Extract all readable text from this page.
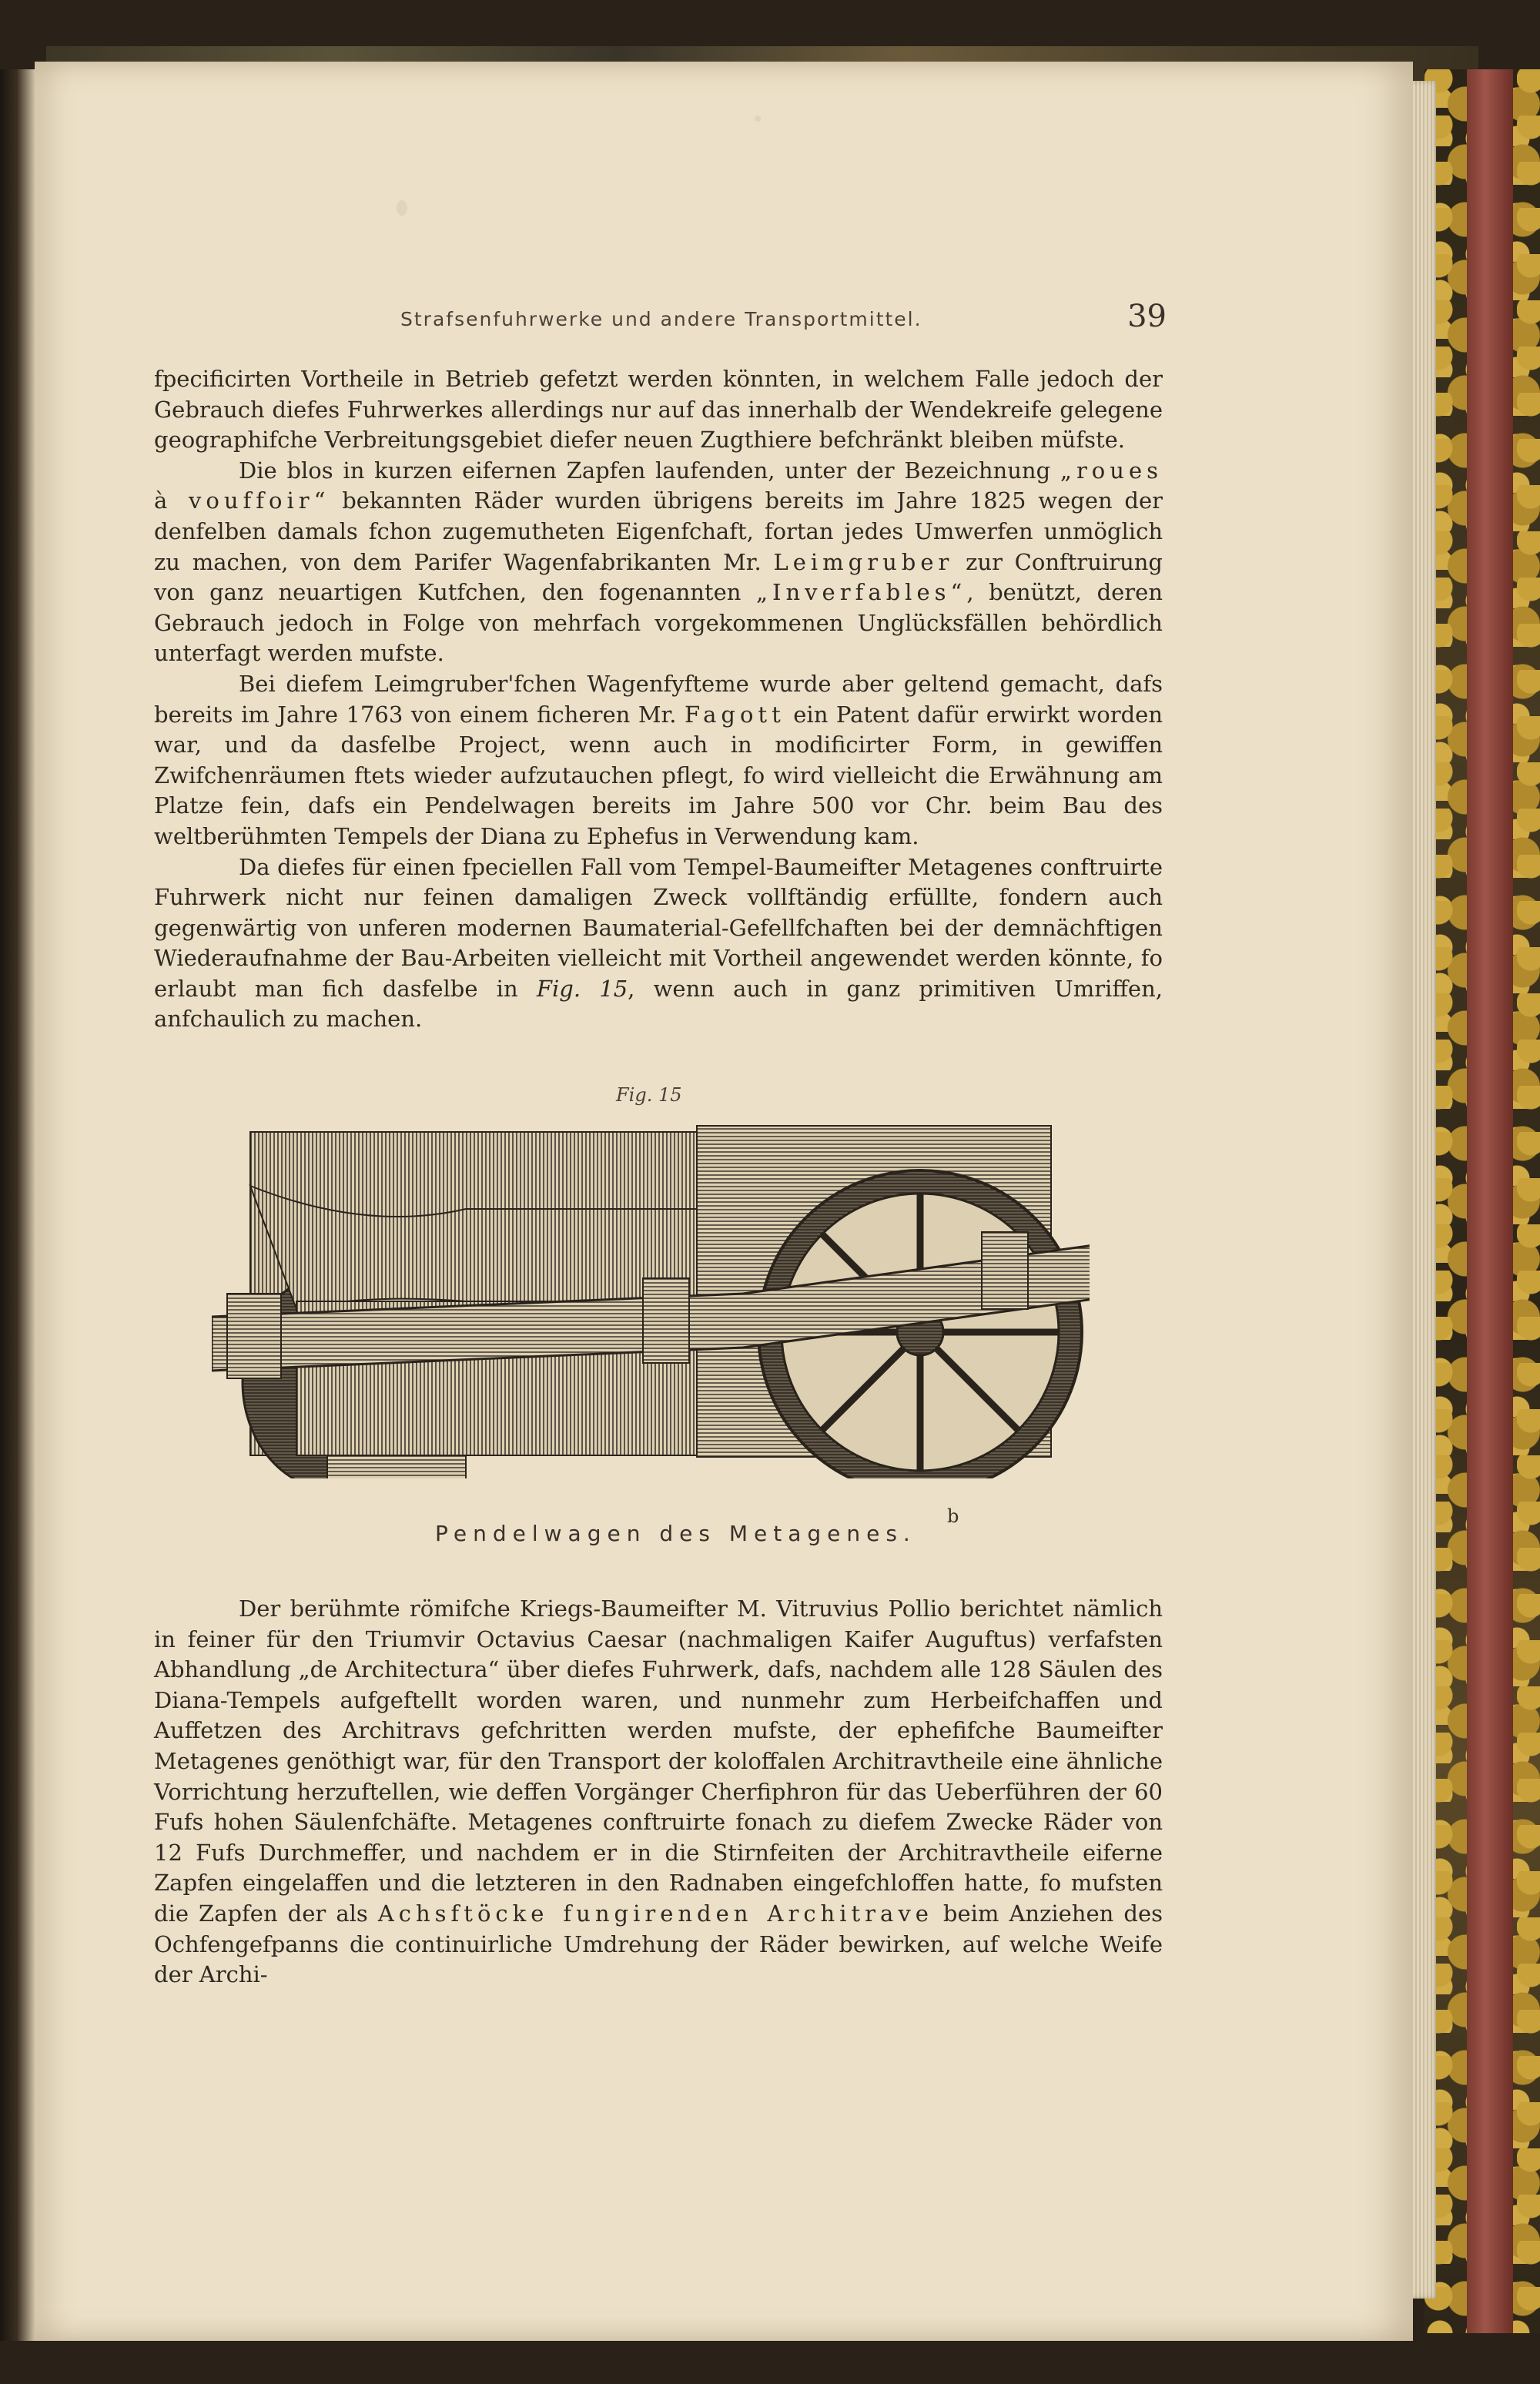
Strafsenfuhrwerke und andere Transportmittel.	39

fpecificirten Vortheile in Betrieb gefetzt werden könnten, in welchem Falle jedoch der Gebrauch diefes Fuhrwerkes allerdings nur auf das innerhalb der Wendekreife gelegene geographifche Verbreitungsgebiet diefer neuen Zugthiere befchränkt bleiben müfste.

Die blos in kurzen eifernen Zapfen laufenden, unter der Bezeichnung „roues à vouffoir“ bekannten Räder wurden übrigens bereits im Jahre 1825 wegen der denfelben damals fchon zugemutheten Eigenfchaft, fortan jedes Umwerfen unmöglich zu machen, von dem Parifer Wagenfabrikanten Mr. Leimgruber zur Conftruirung von ganz neuartigen Kutfchen, den fogenannten „Inverfables“, benützt, deren Gebrauch jedoch in Folge von mehrfach vorgekommenen Unglücksfällen behördlich unterfagt werden mufste.

Bei diefem Leimgruber'fchen Wagenfyfteme wurde aber geltend gemacht, dafs bereits im Jahre 1763 von einem ficheren Mr. Fagott ein Patent dafür erwirkt worden war, und da dasfelbe Project, wenn auch in modificirter Form, in gewiffen Zwifchenräumen ftets wieder aufzutauchen pflegt, fo wird vielleicht die Erwähnung am Platze fein, dafs ein Pendelwagen bereits im Jahre 500 vor Chr. beim Bau des weltberühmten Tempels der Diana zu Ephefus in Verwendung kam.

Da diefes für einen fpeciellen Fall vom Tempel-Baumeifter Metagenes conftruirte Fuhrwerk nicht nur feinen damaligen Zweck vollftändig erfüllte, fondern auch gegenwärtig von unferen modernen Baumaterial-Gefellfchaften bei der demnächftigen Wiederaufnahme der Bau-Arbeiten vielleicht mit Vortheil angewendet werden könnte, fo erlaubt man fich dasfelbe in Fig. 15, wenn auch in ganz primitiven Umriffen, anfchaulich zu machen.

Fig. 15
Pendelwagen des Metagenes.
b

Der berühmte römifche Kriegs-Baumeifter M. Vitruvius Pollio berichtet nämlich in feiner für den Triumvir Octavius Caesar (nachmaligen Kaifer Auguftus) verfafsten Abhandlung „de Architectura“ über diefes Fuhrwerk, dafs, nachdem alle 128 Säulen des Diana-Tempels aufgeftellt worden waren, und nunmehr zum Herbeifchaffen und Auffetzen des Architravs gefchritten werden mufste, der ephefifche Baumeifter Metagenes genöthigt war, für den Transport der koloffalen Architravtheile eine ähnliche Vorrichtung herzuftellen, wie deffen Vorgänger Cherfiphron für das Ueberführen der 60 Fufs hohen Säulenfchäfte. Metagenes conftruirte fonach zu diefem Zwecke Räder von 12 Fufs Durchmeffer, und nachdem er in die Stirnfeiten der Architravtheile eiferne Zapfen eingelaffen und die letzteren in den Radnaben eingefchloffen hatte, fo mufsten die Zapfen der als Achsftöcke fungirenden Architrave beim Anziehen des Ochfengefpanns die continuirliche Umdrehung der Räder bewirken, auf welche Weife der Archi-
